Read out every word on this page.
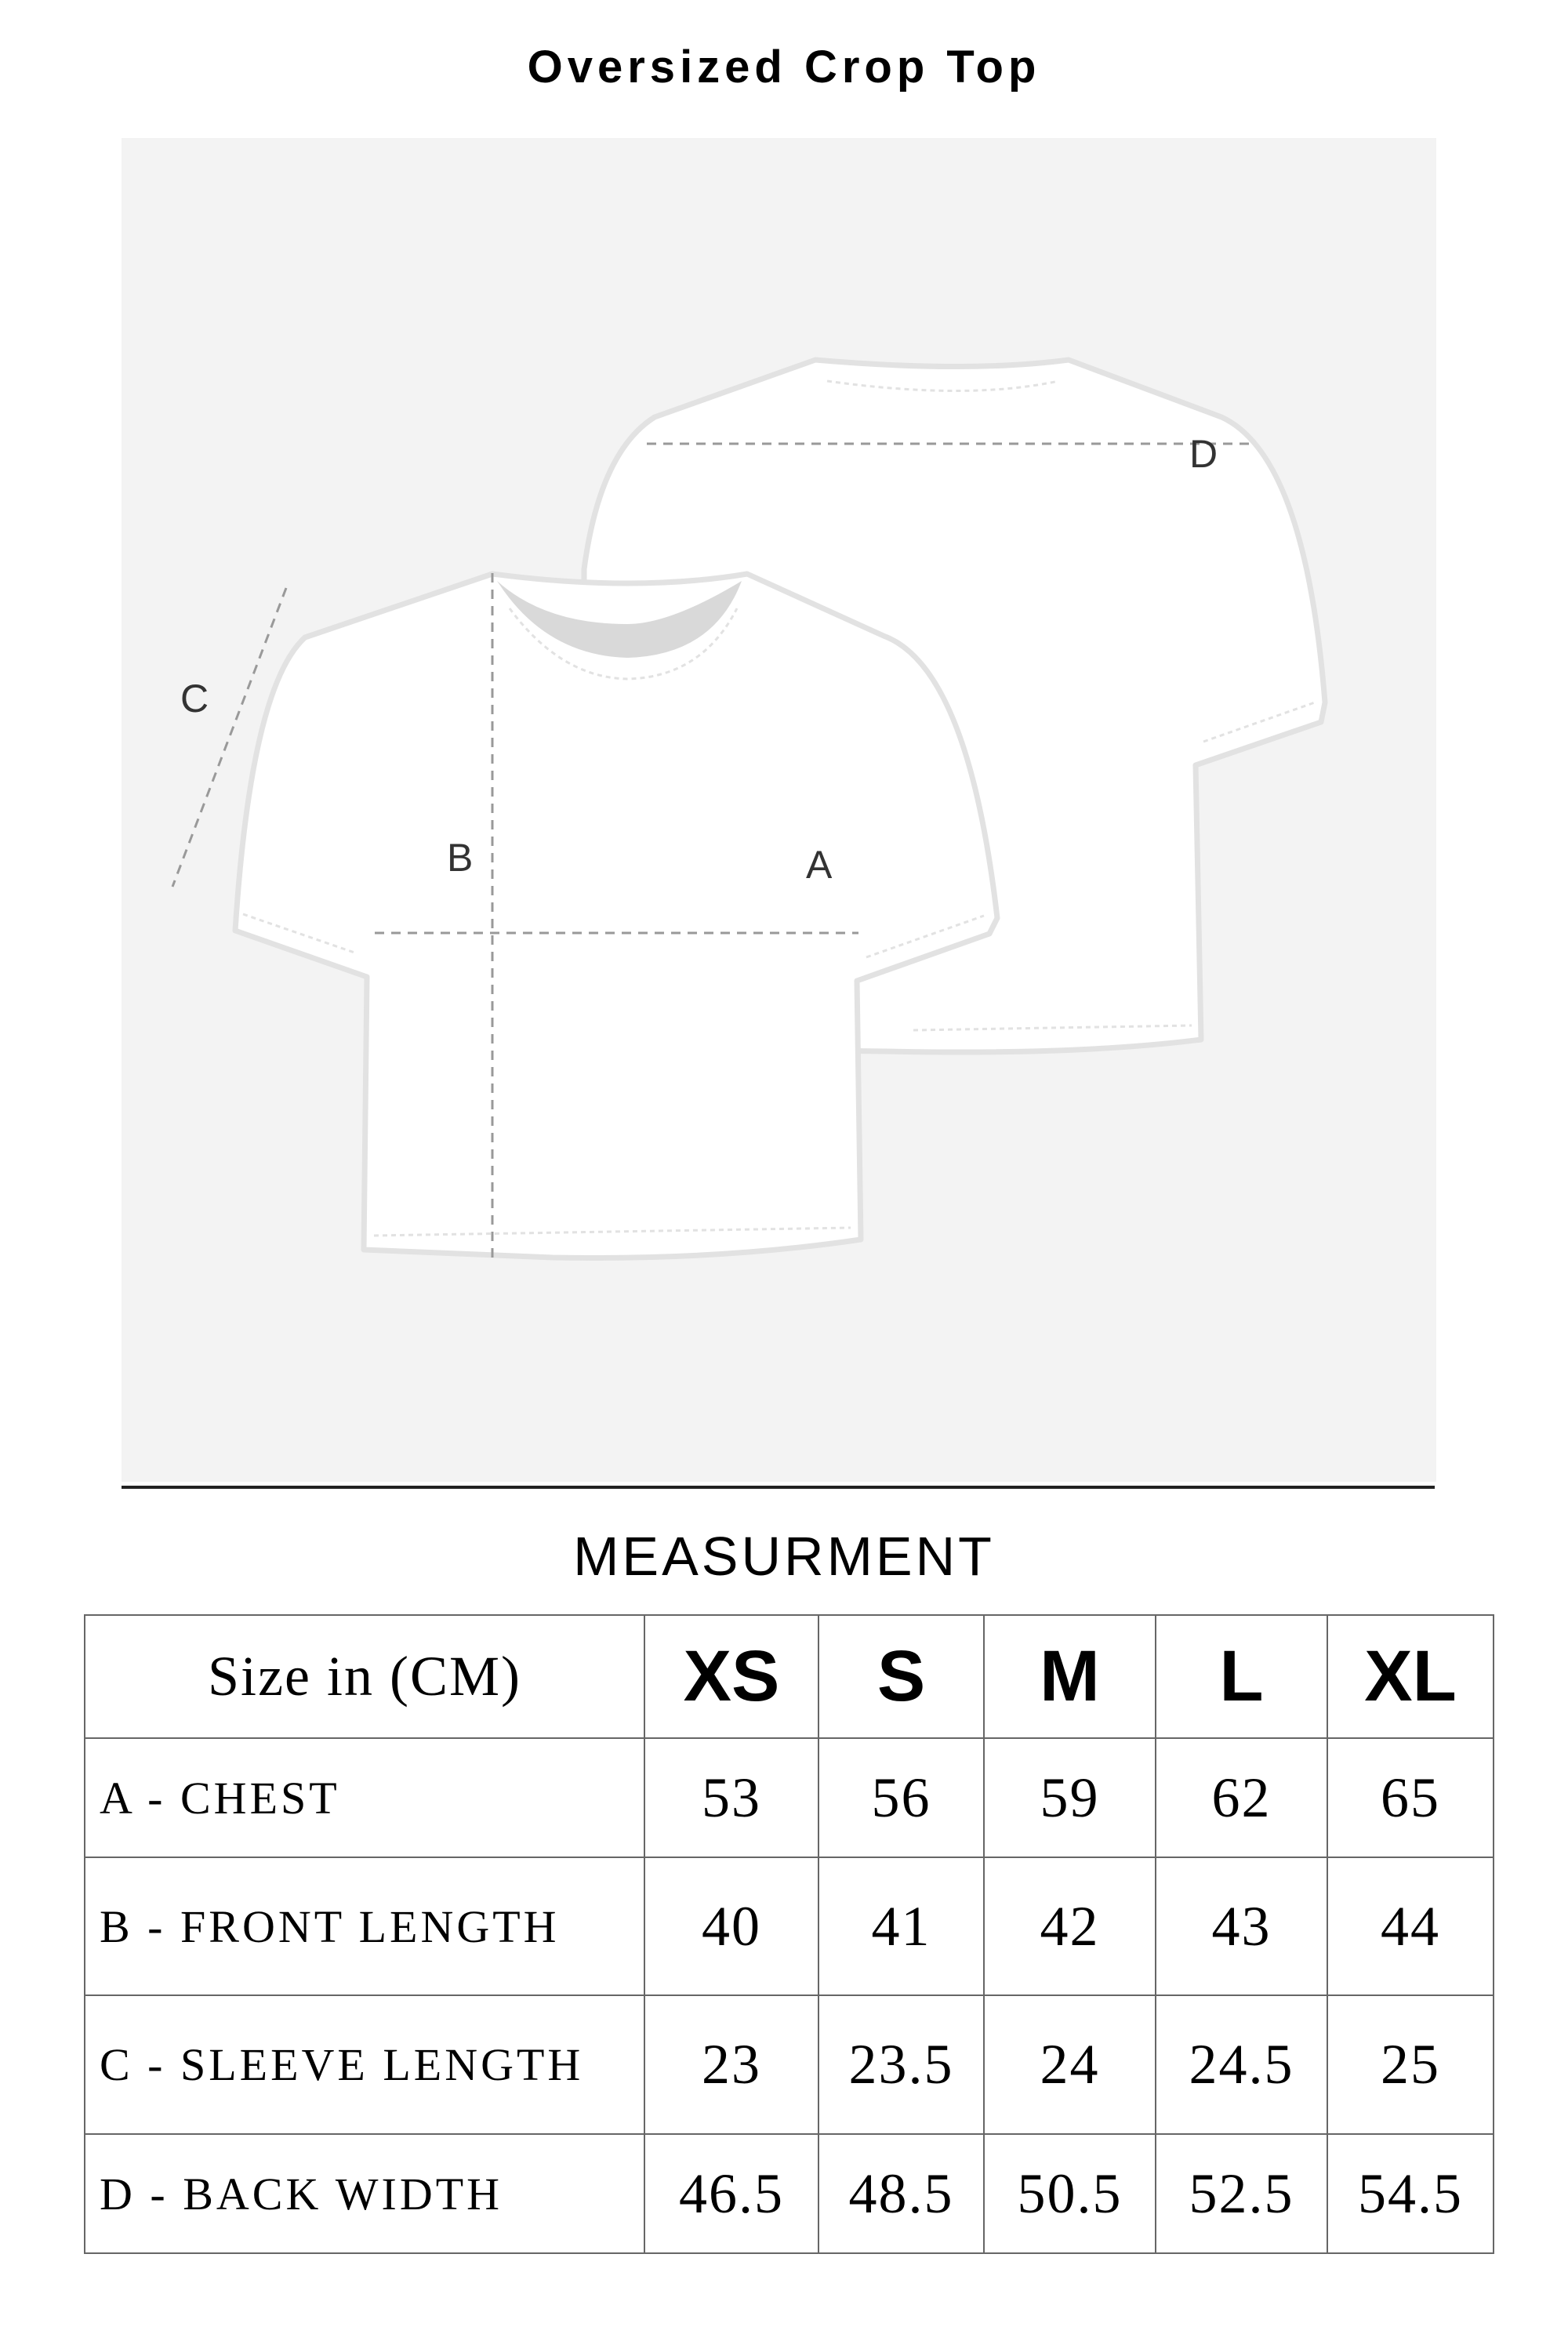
Oversized Crop Top
D
B	A
C
MEASURMENT
Size in (CM)	XS	S	M	L	XL
A - CHEST	53	56	59	62	65
B - FRONT LENGTH	40	41	42	43	44
C - SLEEVE LENGTH	23	23.5	24	24.5	25
D - BACK WIDTH	46.5	48.5	50.5	52.5	54.5
